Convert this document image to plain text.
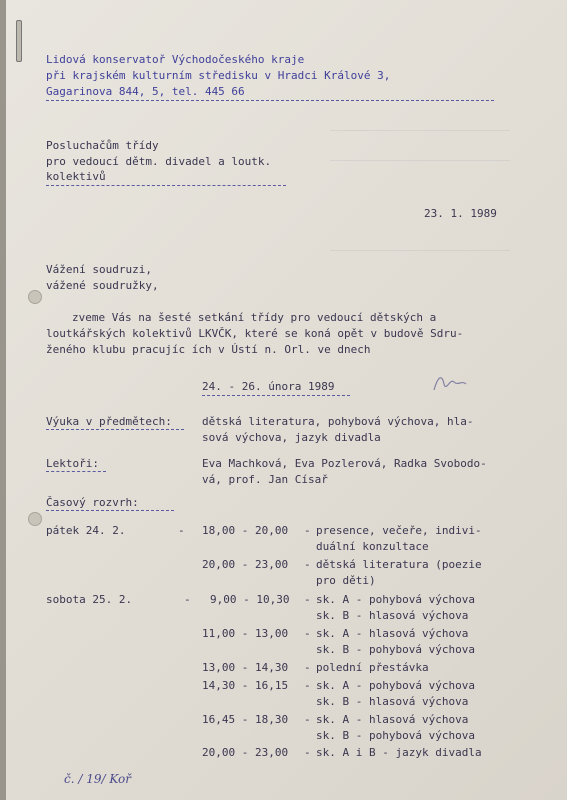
Lidová konservatoř Východočeského kraje
při krajském kulturním středisku v Hradci Králové 3,
Gagarinova 844, 5, tel. 445 66
Posluchačům třídy
pro vedoucí dětm. divadel a loutk.
kolektivů
23. 1. 1989
Vážení soudruzi,
vážené soudružky,
zveme Vás na šesté setkání třídy pro vedoucí dětských a
loutkářských kolektivů LKVČK, které se koná opět v budově Sdru-
ženého klubu pracujíc ích v Ústí n. Orl. ve dnech
24. - 26. února 1989
Výuka v předmětech:	dětská literatura, pohybová výchova, hla-
sová výchova, jazyk divadla
Lektoři:	Eva Machková, Eva Pozlerová, Radka Svobodo-
vá, prof. Jan Císař
Časový rozvrh:
pátek 24. 2.	- 18,00 - 20,00 - presence, večeře, indivi-
duální konzultace
20,00 - 23,00 - dětská literatura (poezie
pro děti)
sobota 25. 2.	- 9,00 - 10,30 - sk. A - pohybová výchova
sk. B - hlasová výchova
11,00 - 13,00 - sk. A - hlasová výchova
sk. B - pohybová výchova
13,00 - 14,30 - polední přestávka
14,30 - 16,15 - sk. A - pohybová výchova
sk. B - hlasová výchova
16,45 - 18,30 - sk. A - hlasová výchova
sk. B - pohybová výchova
20,00 - 23,00 - sk. A i B - jazyk divadla
č. / 19/ Koř
